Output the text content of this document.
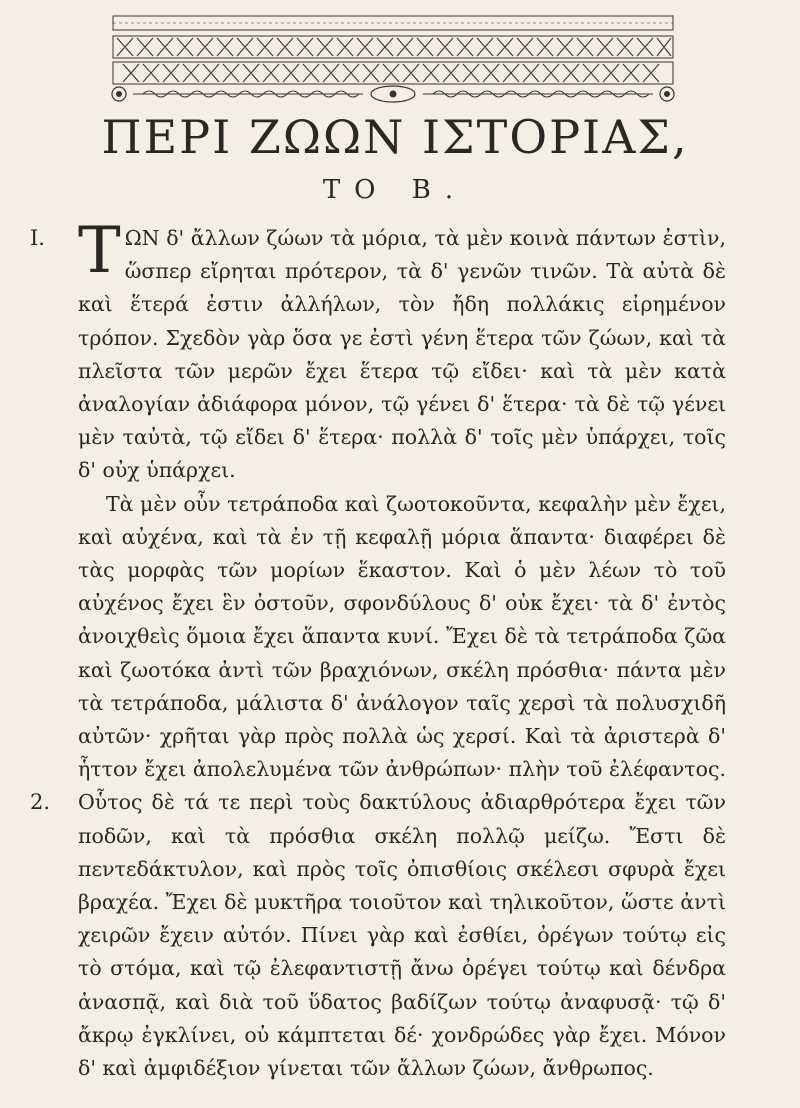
ΠΕΡΙ ΖΩΩΝ ΙΣΤΟΡΙΑΣ,
ΤΟ Β.
I.
2.

ΤΩΝ δ' ἄλλων ζώων τὰ μόρια, τὰ μὲν κοινὰ πάντων ἐστὶν, ὥσπερ εἴρηται πρότερον, τὰ δ' γενῶν τινῶν. Τὰ αὐτὰ δὲ καὶ ἕτερά ἐστιν ἀλλήλων, τὸν ἤδη πολλάκις εἰρημένον τρόπον. Σχεδὸν γὰρ ὅσα γε ἐστὶ γένη ἕτερα τῶν ζώων, καὶ τὰ πλεῖστα τῶν μερῶν ἔχει ἕτερα τῷ εἴδει· καὶ τὰ μὲν κατὰ ἀναλογίαν ἀδιάφορα μόνον, τῷ γένει δ' ἕτερα· τὰ δὲ τῷ γένει μὲν ταὐτὰ, τῷ εἴδει δ' ἕτερα· πολλὰ δ' τοῖς μὲν ὑπάρχει, τοῖς δ' οὐχ ὑπάρχει.

Τὰ μὲν οὖν τετράποδα καὶ ζωοτοκοῦντα, κεφαλὴν μὲν ἔχει, καὶ αὐχένα, καὶ τὰ ἐν τῇ κεφαλῇ μόρια ἅπαντα· διαφέρει δὲ τὰς μορφὰς τῶν μορίων ἕκαστον. Καὶ ὁ μὲν λέων τὸ τοῦ αὐχένος ἔχει ἓν ὀστοῦν, σφονδύλους δ' οὐκ ἔχει· τὰ δ' ἐντὸς ἀνοιχθεὶς ὅμοια ἔχει ἅπαντα κυνί. Ἔχει δὲ τὰ τετράποδα ζῶα καὶ ζωοτόκα ἀντὶ τῶν βραχιόνων, σκέλη πρόσθια· πάντα μὲν τὰ τετράποδα, μάλιστα δ' ἀνάλογον ταῖς χερσὶ τὰ πολυσχιδῆ αὐτῶν· χρῆται γὰρ πρὸς πολλὰ ὡς χερσί. Καὶ τὰ ἀριστερὰ δ' ἧττον ἔχει ἀπολελυμένα τῶν ἀνθρώπων· πλὴν τοῦ ἐλέφαντος. Οὗτος δὲ τά τε περὶ τοὺς δακτύλους ἀδιαρθρότερα ἔχει τῶν ποδῶν, καὶ τὰ πρόσθια σκέλη πολλῷ μείζω. Ἔστι δὲ πεντεδάκτυλον, καὶ πρὸς τοῖς ὀπισθίοις σκέλεσι σφυρὰ ἔχει βραχέα. Ἔχει δὲ μυκτῆρα τοιοῦτον καὶ τηλικοῦτον, ὥστε ἀντὶ χειρῶν ἔχειν αὐτόν. Πίνει γὰρ καὶ ἐσθίει, ὀρέγων τούτῳ εἰς τὸ στόμα, καὶ τῷ ἐλεφαντιστῇ ἄνω ὀρέγει τούτῳ καὶ δένδρα ἀνασπᾷ, καὶ διὰ τοῦ ὕδατος βαδίζων τούτῳ ἀναφυσᾷ· τῷ δ' ἄκρῳ ἐγκλίνει, οὐ κάμπτεται δέ· χονδρώδες γὰρ ἔχει. Μόνον δ' καὶ ἀμφιδέξιον γίνεται τῶν ἄλλων ζώων, ἄνθρωπος.
